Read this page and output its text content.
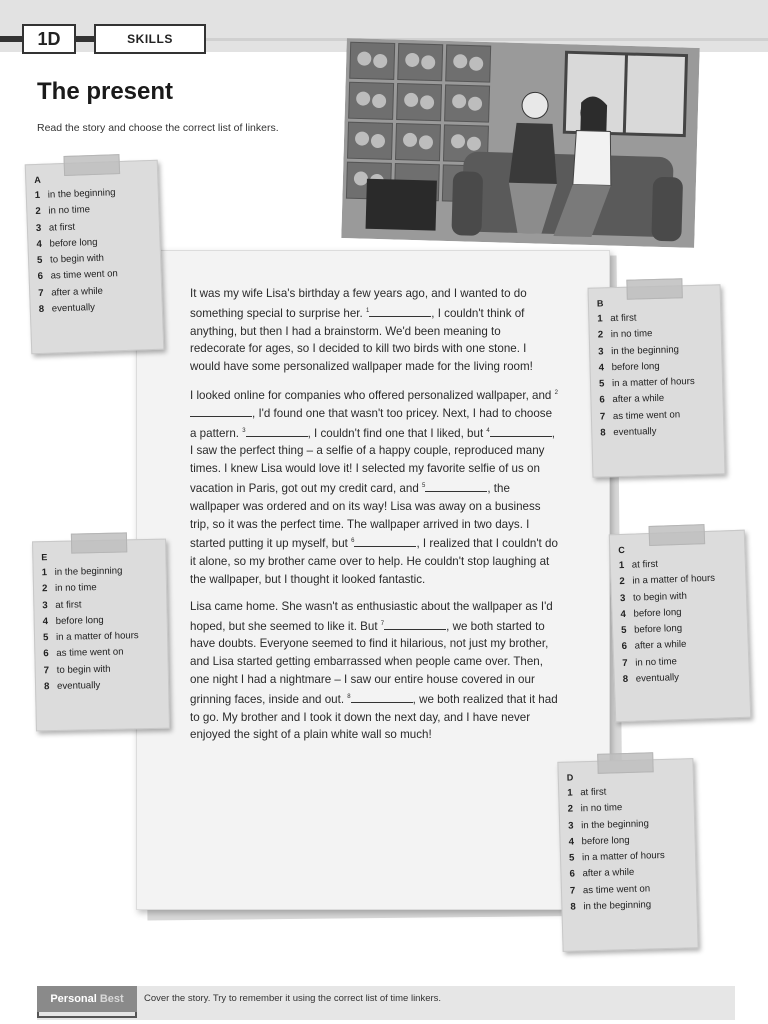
1D	SKILLS
The present
Read the story and choose the correct list of linkers.

It was my wife Lisa's birthday a few years ago, and I wanted to do something special to surprise her. $^1$	, I couldn't think of anything, but then I had a brainstorm. We'd been meaning to redecorate for ages, so I decided to kill two birds with one stone. I would have some personalized wallpaper made for the living room!

I looked online for companies who offered personalized wallpaper, and $^2$, I'd found one that wasn't too pricey. Next, I had to choose a pattern. $^3$	, I couldn't find one that I liked, but $^4$	, I saw the perfect thing – a selfie of a happy couple, reproduced many times. I knew Lisa would love it! I selected my favorite selfie of us on vacation in Paris, got out my credit card, and $^5$	, the wallpaper was ordered and on its way! Lisa was away on a business trip, so it was the perfect time. The wallpaper arrived in two days. I started putting it up myself, but $^6$	, I realized that I couldn't do it alone, so my brother came over to help. He couldn't stop laughing at the wallpaper, but I thought it looked fantastic.

Lisa came home. She wasn't as enthusiastic about the wallpaper as I'd hoped, but she seemed to like it. But $^7$	, we both started to have doubts. Everyone seemed to find it hilarious, not just my brother, and Lisa started getting embarrassed when people came over. Then, one night I had a nightmare – I saw our entire house covered in our grinning faces, inside and out. $^8$	, we both realized that it had to go. My brother and I took it down the next day, and I have never enjoyed the sight of a plain white wall so much!

A
1 in the beginning
2 in no time
3 at first
4 before long
5 to begin with
6 as time went on
7 after a while
8 eventually	B
1 at first
2 in no time
3 in the beginning
4 before long
5 in a matter of hours
6 after a while
7 as time went on
8 eventually
E
1 in the beginning
2 in no time
3 at first
4 before long
5 in a matter of hours
6 as time went on
7 to begin with
8 eventually
C
1 at first
2 in a matter of hours
3 to begin with
4 before long
5 before long
6 after a while
7 in no time
8 eventually
D
1 at first
2 in no time
3 in the beginning
4 before long
5 in a matter of hours
6 after a while
7 as time went on
8 in the beginning
Personal Best Cover the story. Try to remember it using the correct list of time linkers.
